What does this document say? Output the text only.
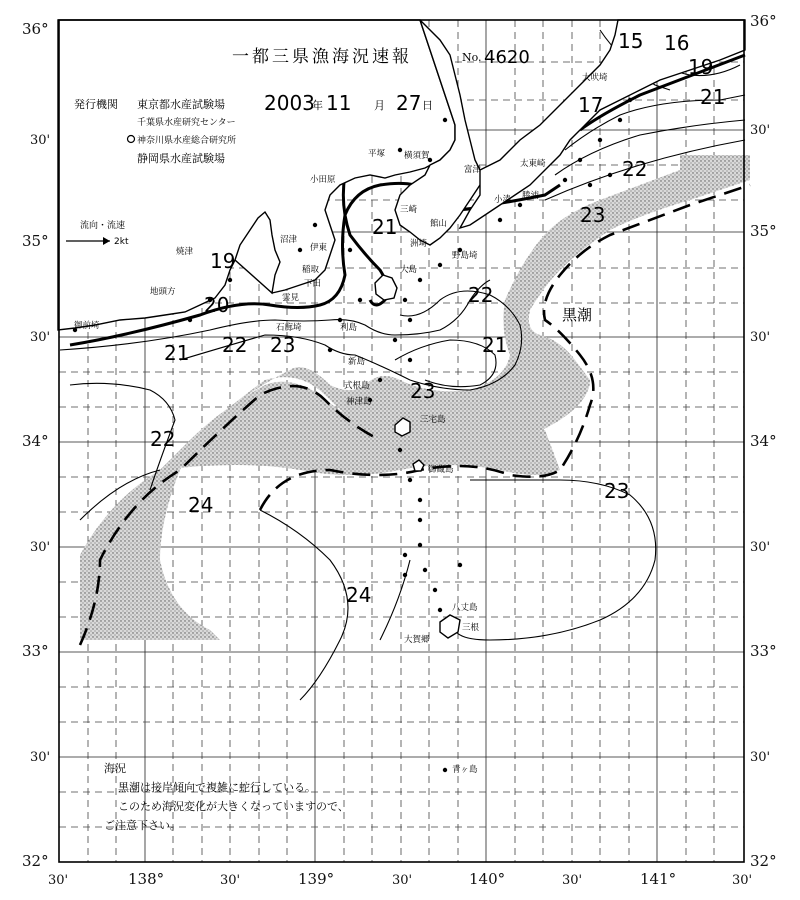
36°
30'
35°
30'
34°
30'
33°
30'
32°
36°
30'
35°
30'
34°
30'
33°
30'
32°
30'	138°	30'	139°	30'	140°	30'	141°	30'
一都三県漁海況速報	No. 4620
発行機関 東京都水産試験場
千葉県水産研究センター
神奈川県水産総合研究所
静岡県水産試験場
2003
年 11 月 27 日
流向・流速
2kt
15 16
19
21
17
22
23
19
20
21 22 23
21
22
21
23
22
24
24
23
黒潮
大吠埼
平塚 横須賀
富津
小田原
太東崎
勝浦
小湊
三崎
館山
洲埼
野島埼
沼津
伊東
大島
焼津
御前埼
稲取
下田
雲見
石廊埼	利島
新島
式根島
神津島
三宅島
御蔵島
八丈島
三根
大賀郷
青ヶ島
地頭方
海況
黒潮は接岸傾向で複雑に蛇行している。
このため海況変化が大きくなっていますので、
ご注意下さい。
